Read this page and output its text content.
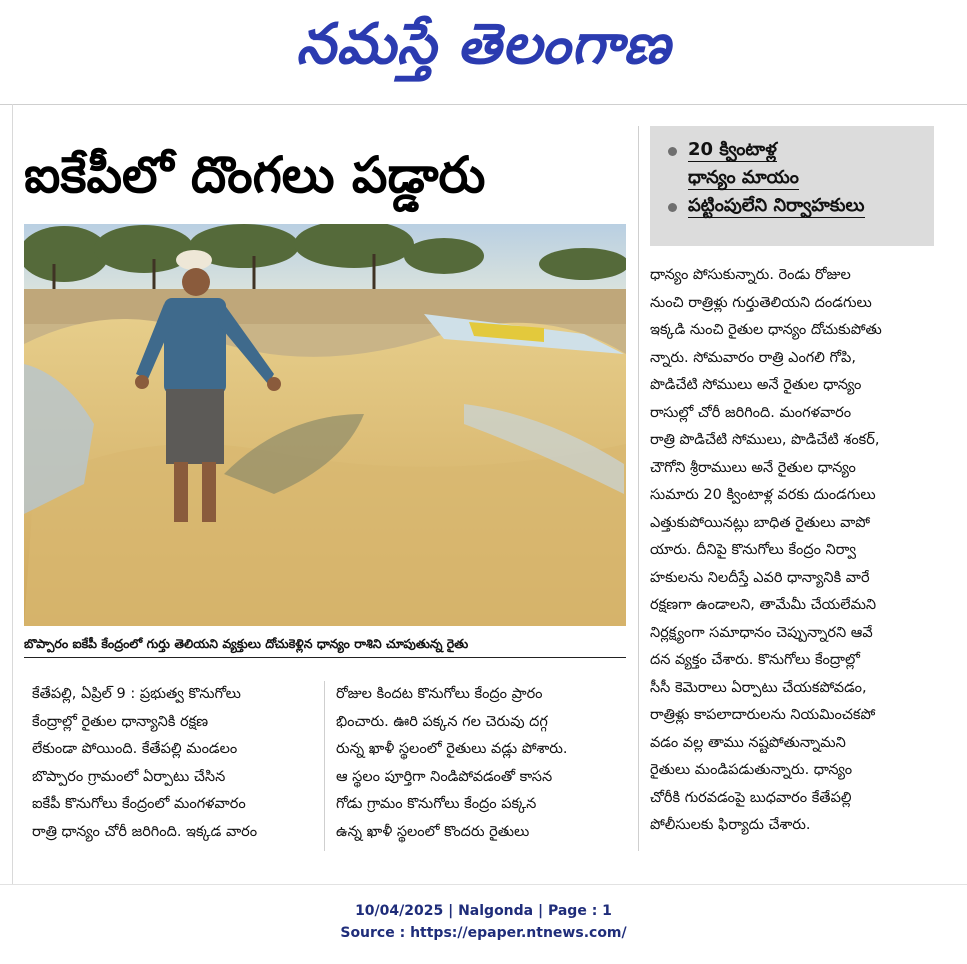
నమస్తే తెలంగాణ
ఐకేపీలో దొంగలు పడ్డారు	20 క్వింటాళ్ల
ధాన్యం మాయం
పట్టింపులేని నిర్వాహకులు
బొప్పారం ఐకేపీ కేంద్రంలో గుర్తు తెలియని వ్యక్తులు దోచుకెళ్లిన ధాన్యం రాశిని చూపుతున్న రైతు
కేతేపల్లి, ఏప్రిల్ 9 : ప్రభుత్వ కొనుగోలు
కేంద్రాల్లో రైతుల ధాన్యానికి రక్షణ
లేకుండా పోయింది. కేతేపల్లి మండలం
బొప్పారం గ్రామంలో ఏర్పాటు చేసిన
ఐకేపీ కొనుగోలు కేంద్రంలో మంగళవారం
రాత్రి ధాన్యం చోరీ జరిగింది. ఇక్కడ వారం
రోజుల కిందట కొనుగోలు కేంద్రం ప్రారం
భించారు. ఊరి పక్కన గల చెరువు దగ్గ
రున్న ఖాళీ స్థలంలో రైతులు వడ్లు పోశారు.
ఆ స్థలం పూర్తిగా నిండిపోవడంతో కాసన
గోడు గ్రామం కొనుగోలు కేంద్రం పక్కన
ఉన్న ఖాళీ స్థలంలో కొందరు రైతులు
ధాన్యం పోసుకున్నారు. రెండు రోజుల
నుంచి రాత్రిళ్లు గుర్తుతెలియని దండగులు
ఇక్కడి నుంచి రైతుల ధాన్యం దోచుకుపోతు
న్నారు. సోమవారం రాత్రి ఎంగలి గోపి,
పొడిచేటి సోములు అనే రైతుల ధాన్యం
రాసుల్లో చోరీ జరిగింది. మంగళవారం
రాత్రి పొడిచేటి సోములు, పొడిచేటి శంకర్,
చౌగోని శ్రీరాములు అనే రైతుల ధాన్యం
సుమారు 20 క్వింటాళ్ల వరకు దుండగులు
ఎత్తుకుపోయినట్లు బాధిత రైతులు వాపో
యారు. దీనిపై కొనుగోలు కేంద్రం నిర్వా
హకులను నిలదీస్తే ఎవరి ధాన్యానికి వారే
రక్షణగా ఉండాలని, తామేమీ చేయలేమని
నిర్లక్ష్యంగా సమాధానం చెప్పున్నారని ఆవే
దన వ్యక్తం చేశారు. కొనుగోలు కేంద్రాల్లో
సీసీ కెమెరాలు ఏర్పాటు చేయకపోవడం,
రాత్రిళ్లు కాపలాదారులను నియమించకపో
వడం వల్ల తాము నష్టపోతున్నామని
రైతులు మండిపడుతున్నారు. ధాన్యం
చోరీకి గురవడంపై బుధవారం కేతేపల్లి
పోలీసులకు ఫిర్యాదు చేశారు.
10/04/2025 | Nalgonda | Page : 1
Source : https://epaper.ntnews.com/
